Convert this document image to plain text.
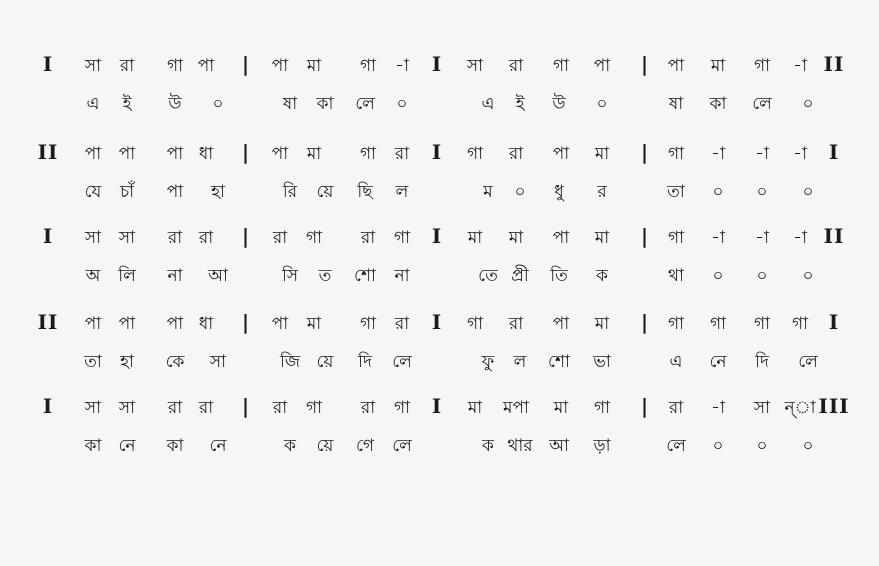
I সা রা গা পা | পা মা গা -া I সা রা গা পা | পা মা গা -া II
এ ই উ ০	ষা কা লে ০	এ ই উ ০	ষা কা লে ০
II পা পা পা ধা | পা মা গা রা I গা রা পা মা | গা -া -া -া I
যে চাঁ পা হা	রি য়ে ছি ল	ম ০ ধু র	তা ০ ০ ০
I সা সা রা রা | রা গা রা গা I মা মা পা মা | গা -া -া -া II
অ লি না আ	সি ত শো না	তে প্রী তি ক	থা ০ ০ ০
II পা পা পা ধা | পা মা গা রা I গা রা পা মা | গা গা গা গা I
তা হা কে সা	জি য়ে দি লে	ফু ল শো ভা	এ নে দি লে
I সা সা রা রা | রা গা রা গা I মা মপা মা গা | রা -া সা ন্া III
কা নে কা নে	ক য়ে গে লে	ক থার আ ড়া	লে ০ ০ ০
